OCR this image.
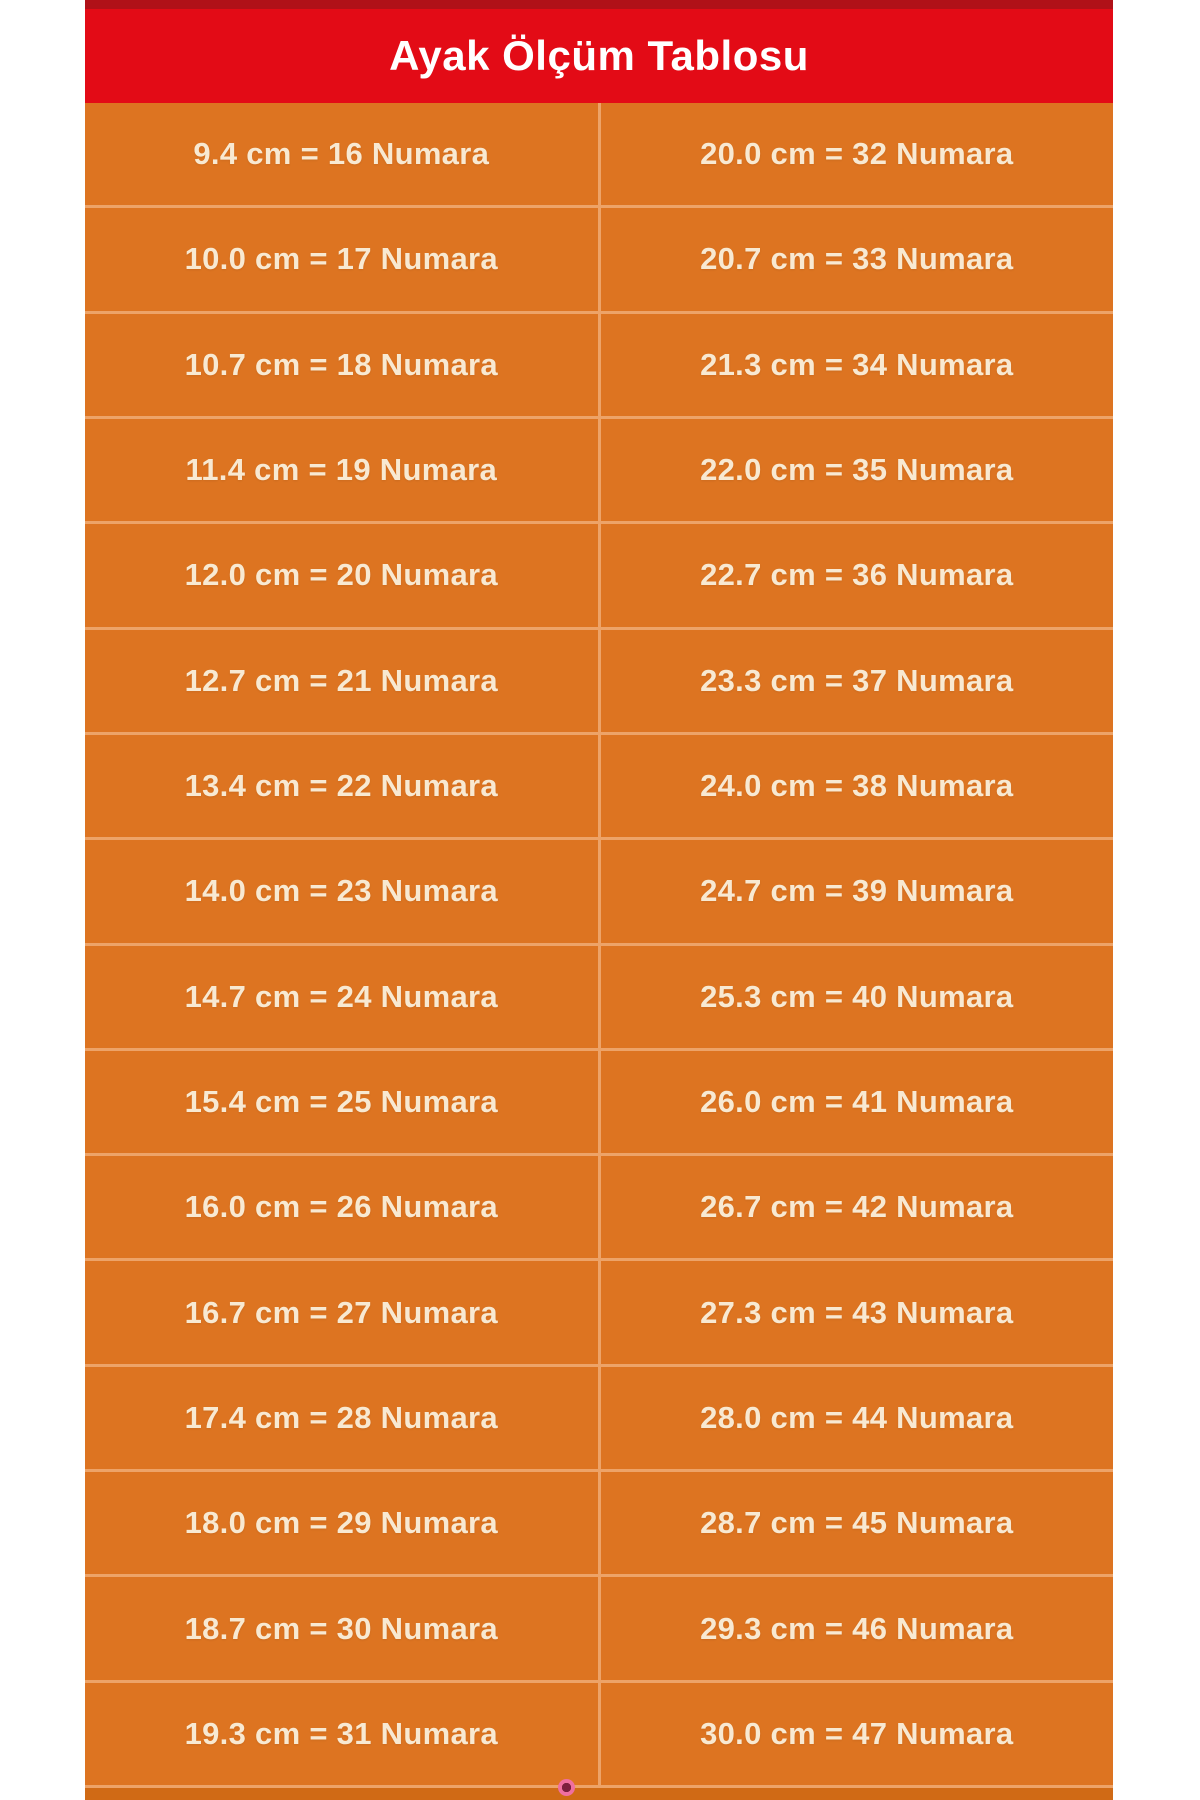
Ayak Ölçüm Tablosu
9.4 cm = 16 Numara	20.0 cm = 32 Numara
10.0 cm = 17 Numara	20.7 cm = 33 Numara
10.7 cm = 18 Numara	21.3 cm = 34 Numara
11.4 cm = 19 Numara	22.0 cm = 35 Numara
12.0 cm = 20 Numara	22.7 cm = 36 Numara
12.7 cm = 21 Numara	23.3 cm = 37 Numara
13.4 cm = 22 Numara	24.0 cm = 38 Numara
14.0 cm = 23 Numara	24.7 cm = 39 Numara
14.7 cm = 24 Numara	25.3 cm = 40 Numara
15.4 cm = 25 Numara	26.0 cm = 41 Numara
16.0 cm = 26 Numara	26.7 cm = 42 Numara
16.7 cm = 27 Numara	27.3 cm = 43 Numara
17.4 cm = 28 Numara	28.0 cm = 44 Numara
18.0 cm = 29 Numara	28.7 cm = 45 Numara
18.7 cm = 30 Numara	29.3 cm = 46 Numara
19.3 cm = 31 Numara	30.0 cm = 47 Numara
